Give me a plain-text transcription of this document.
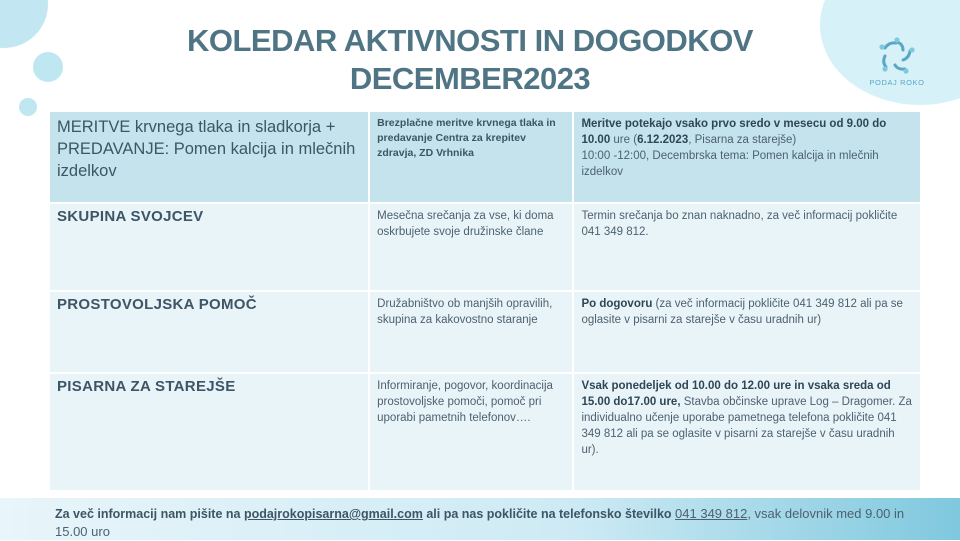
PODAJ ROKO
KOLEDAR AKTIVNOSTI IN DOGODKOV
DECEMBER2023
MERITVE krvnega tlaka in sladkorja + PREDAVANJE: Pomen kalcija in mlečnih izdelkov	Brezplačne meritve krvnega tlaka in predavanje Centra za krepitev zdravja, ZD Vrhnika	Meritve potekajo vsako prvo sredo v mesecu od 9.00 do 10.00 ure (6.12.2023, Pisarna za starejše)
10:00 -12:00, Decembrska tema: Pomen kalcija in mlečnih izdelkov

SKUPINA SVOJCEV	Mesečna srečanja za vse, ki doma oskrbujete svoje družinske člane	Termin srečanja bo znan naknadno, za več informacij pokličite 041 349 812.

PROSTOVOLJSKA POMOČ	Družabništvo ob manjših opravilih, skupina za kakovostno staranje	Po dogovoru (za več informacij pokličite 041 349 812 ali pa se oglasite v pisarni za starejše v času uradnih ur)

PISARNA ZA STAREJŠE	Informiranje, pogovor, koordinacija prostovoljske pomoči, pomoč pri uporabi pametnih telefonov….	Vsak ponedeljek od 10.00 do 12.00 ure in vsaka sreda od 15.00 do17.00 ure, Stavba občinske uprave Log – Dragomer. Za individualno učenje uporabe pametnega telefona pokličite 041 349 812 ali pa se oglasite v pisarni za starejše v času uradnih ur).
Za več informacij nam pišite na podajrokopisarna@gmail.com ali pa nas pokličite na telefonsko številko 041 349 812, vsak delovnik med 9.00 in 15.00 uro
